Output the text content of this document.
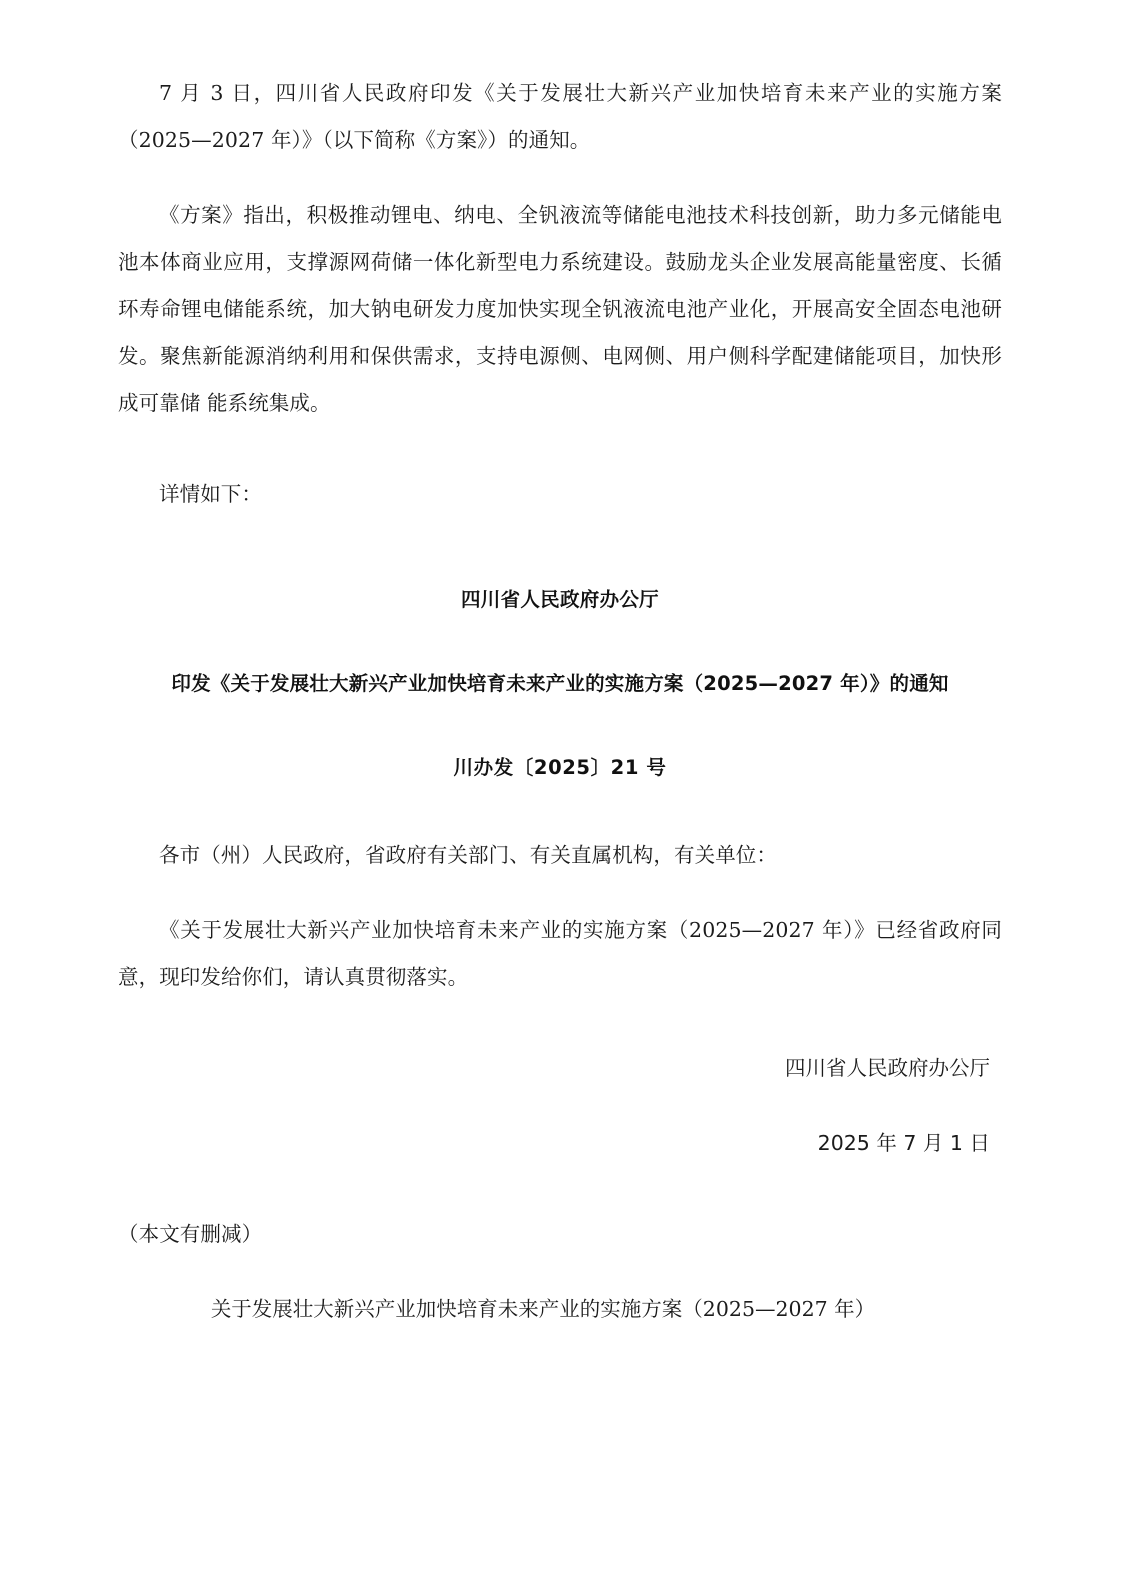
7 月 3 日，四川省人民政府印发《关于发展壮大新兴产业加快培育未来产业的实施方案（2025—2027 年）》（以下简称《方案》）的通知。

《方案》指出，积极推动锂电、纳电、全钒液流等储能电池技术科技创新，助力多元储能电池本体商业应用，支撑源网荷储一体化新型电力系统建设。鼓励龙头企业发展高能量密度、长循环寿命锂电储能系统，加大钠电研发力度加快实现全钒液流电池产业化，开展高安全固态电池研发。聚焦新能源消纳利用和保供需求，支持电源侧、电网侧、用户侧科学配建储能项目，加快形成可靠储 能系统集成。

详情如下：

四川省人民政府办公厅

印发《关于发展壮大新兴产业加快培育未来产业的实施方案（2025—2027 年）》的通知

川办发〔2025〕21 号

各市（州）人民政府，省政府有关部门、有关直属机构，有关单位：

《关于发展壮大新兴产业加快培育未来产业的实施方案（2025—2027 年）》已经省政府同意，现印发给你们，请认真贯彻落实。

四川省人民政府办公厅

2025 年 7 月 1 日

（本文有删减）

关于发展壮大新兴产业加快培育未来产业的实施方案（2025—2027 年）
